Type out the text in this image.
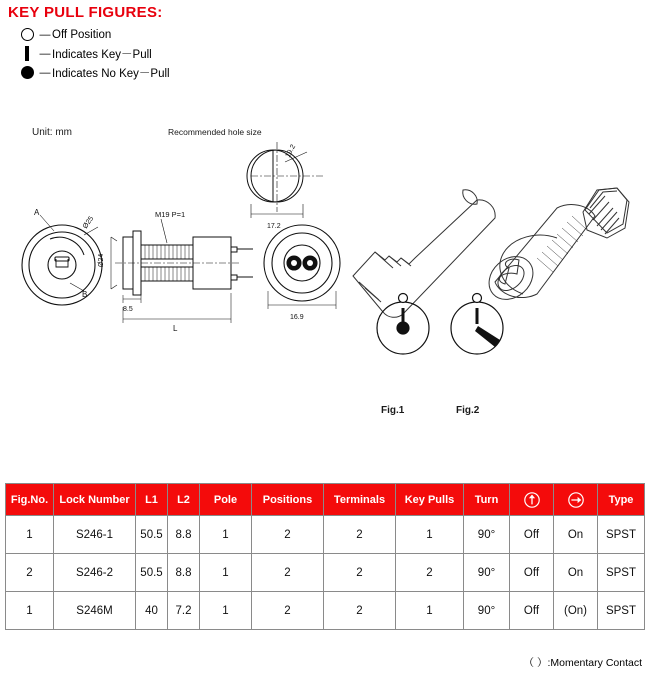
KEY PULL FIGURES:
— Off Position
— Indicates Key－Pull
— Indicates No Key－Pull
Unit: mm	Recommended hole size
17.2
19.2
A
Ø25
B
M19 P=1
8.5
L
Ø24
16.9
Fig.1	Fig.2
Fig.No.	Lock Number	L1	L2	Pole	Positions	Terminals	Key Pulls	Turn			Type
1	S246-1	50.5	8.8	1	2	2	1	90°	Off	On	SPST
2	S246-2	50.5	8.8	1	2	2	2	90°	Off	On	SPST
1	S246M	40	7.2	1	2	2	1	90°	Off	(On)	SPST
（ ）:Momentary Contact
